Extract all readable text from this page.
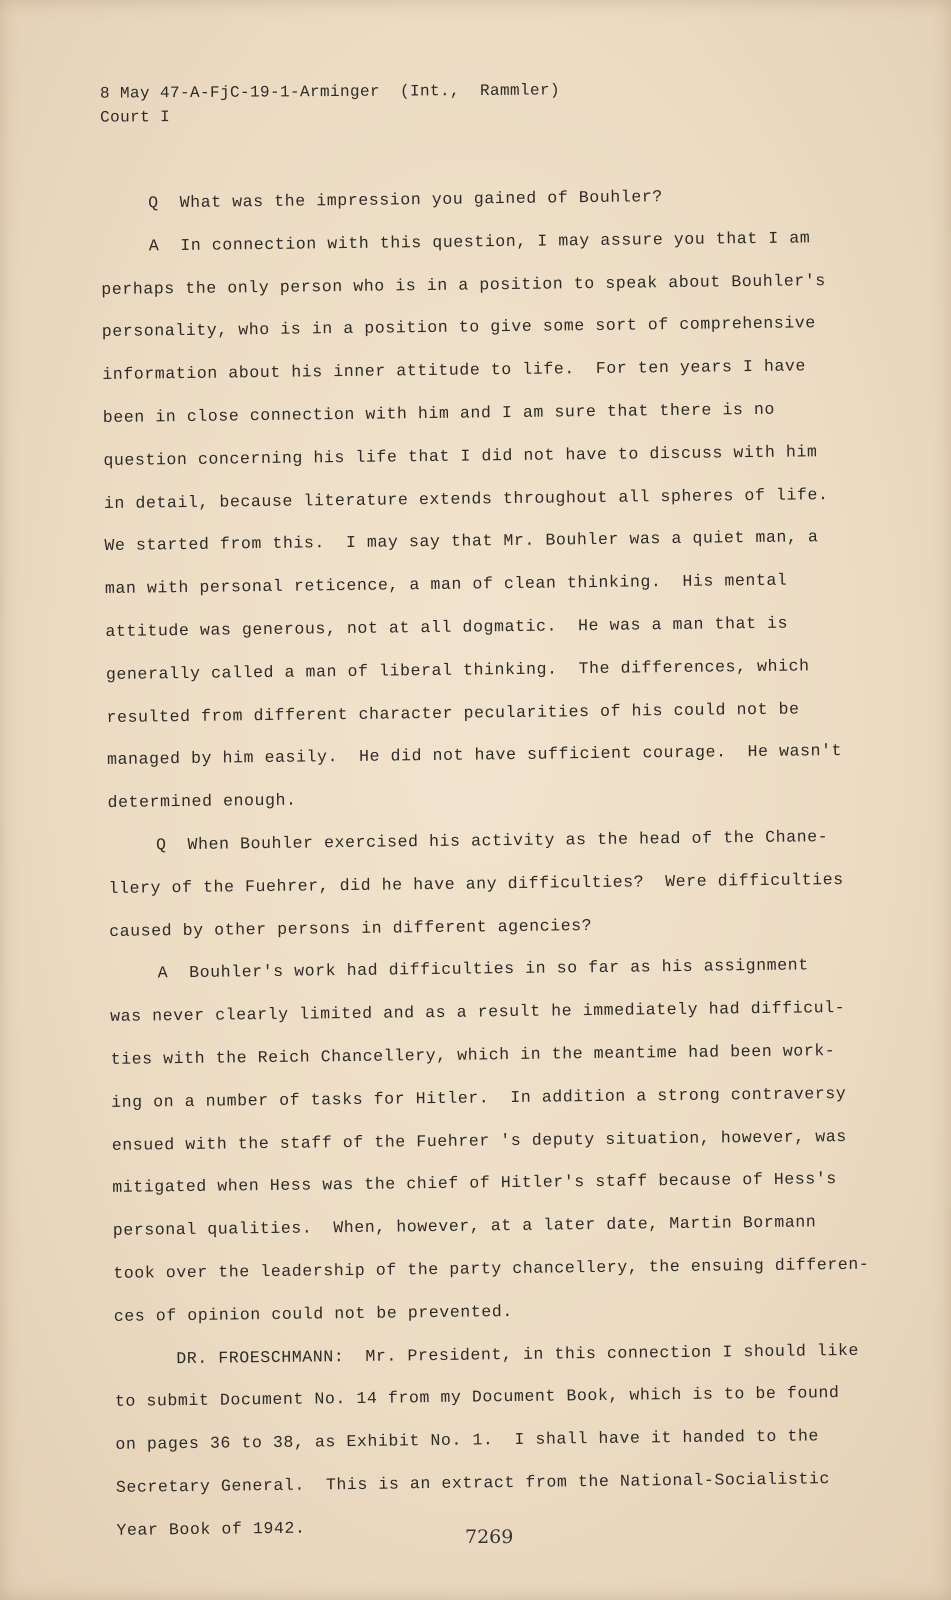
8 May 47-A-FjC-19-1-Arminger  (Int.,  Rammler)
Court I
Q  What was the impression you gained of Bouhler?
A  In connection with this question, I may assure you that I am
perhaps the only person who is in a position to speak about Bouhler's
personality, who is in a position to give some sort of comprehensive
information about his inner attitude to life.  For ten years I have
been in close connection with him and I am sure that there is no
question concerning his life that I did not have to discuss with him
in detail, because literature extends throughout all spheres of life.
We started from this.  I may say that Mr. Bouhler was a quiet man, a
man with personal reticence, a man of clean thinking.  His mental
attitude was generous, not at all dogmatic.  He was a man that is
generally called a man of liberal thinking.  The differences, which
resulted from different character pecularities of his could not be
managed by him easily.  He did not have sufficient courage.  He wasn't
determined enough.
Q  When Bouhler exercised his activity as the head of the Chane-
llery of the Fuehrer, did he have any difficulties?  Were difficulties
caused by other persons in different agencies?
A  Bouhler's work had difficulties in so far as his assignment
was never clearly limited and as a result he immediately had difficul-
ties with the Reich Chancellery, which in the meantime had been work-
ing on a number of tasks for Hitler.  In addition a strong contraversy
ensued with the staff of the Fuehrer 's deputy situation, however, was
mitigated when Hess was the chief of Hitler's staff because of Hess's
personal qualities.  When, however, at a later date, Martin Bormann
took over the leadership of the party chancellery, the ensuing differen-
ces of opinion could not be prevented.
DR. FROESCHMANN:  Mr. President, in this connection I should like
to submit Document No. 14 from my Document Book, which is to be found
on pages 36 to 38, as Exhibit No. 1.  I shall have it handed to the
Secretary General.  This is an extract from the National-Socialistic
Year Book of 1942.	7269
